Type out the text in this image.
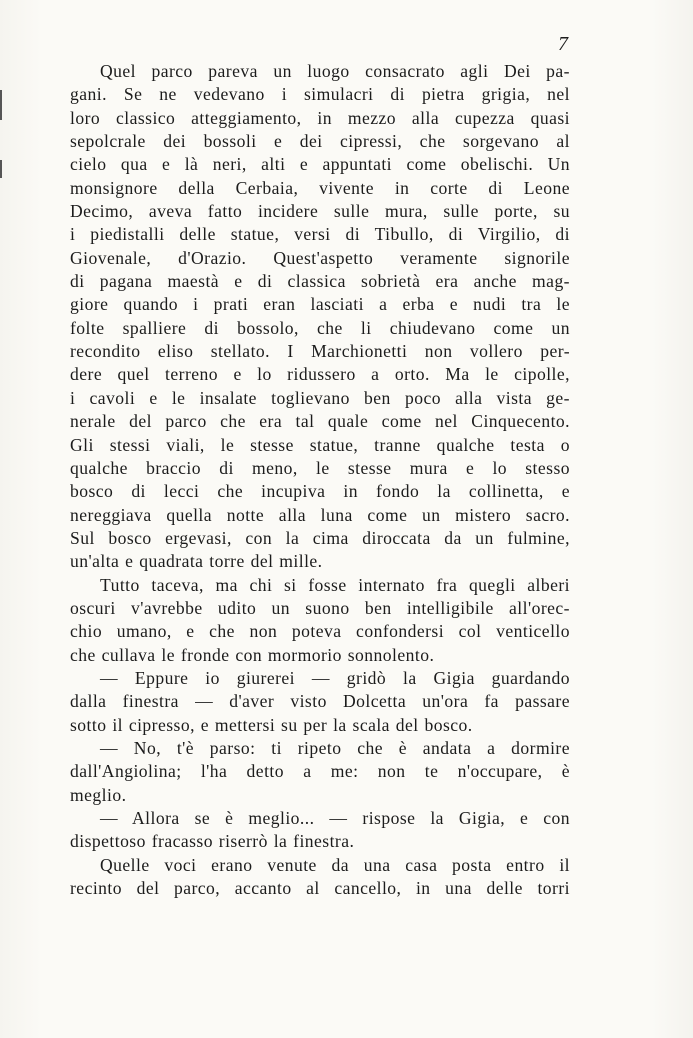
7
Quel parco pareva un luogo consacrato agli Dei pa-
gani. Se ne vedevano i simulacri di pietra grigia, nel
loro classico atteggiamento, in mezzo alla cupezza quasi
sepolcrale dei bossoli e dei cipressi, che sorgevano al
cielo qua e là neri, alti e appuntati come obelischi. Un
monsignore della Cerbaia, vivente in corte di Leone
Decimo, aveva fatto incidere sulle mura, sulle porte, su
i piedistalli delle statue, versi di Tibullo, di Virgilio, di
Giovenale, d'Orazio. Quest'aspetto veramente signorile
di pagana maestà e di classica sobrietà era anche mag-
giore quando i prati eran lasciati a erba e nudi tra le
folte spalliere di bossolo, che li chiudevano come un
recondito eliso stellato. I Marchionetti non vollero per-
dere quel terreno e lo ridussero a orto. Ma le cipolle,
i cavoli e le insalate toglievano ben poco alla vista ge-
nerale del parco che era tal quale come nel Cinquecento.
Gli stessi viali, le stesse statue, tranne qualche testa o
qualche braccio di meno, le stesse mura e lo stesso
bosco di lecci che incupiva in fondo la collinetta, e
nereggiava quella notte alla luna come un mistero sacro.
Sul bosco ergevasi, con la cima diroccata da un fulmine,
un'alta e quadrata torre del mille.
Tutto taceva, ma chi si fosse internato fra quegli alberi
oscuri v'avrebbe udito un suono ben intelligibile all'orec-
chio umano, e che non poteva confondersi col venticello
che cullava le fronde con mormorio sonnolento.
— Eppure io giurerei — gridò la Gigia guardando
dalla finestra — d'aver visto Dolcetta un'ora fa passare
sotto il cipresso, e mettersi su per la scala del bosco.
— No, t'è parso: ti ripeto che è andata a dormire
dall'Angiolina; l'ha detto a me: non te n'occupare, è
meglio.
— Allora se è meglio... — rispose la Gigia, e con
dispettoso fracasso riserrò la finestra.
Quelle voci erano venute da una casa posta entro il
recinto del parco, accanto al cancello, in una delle torri
